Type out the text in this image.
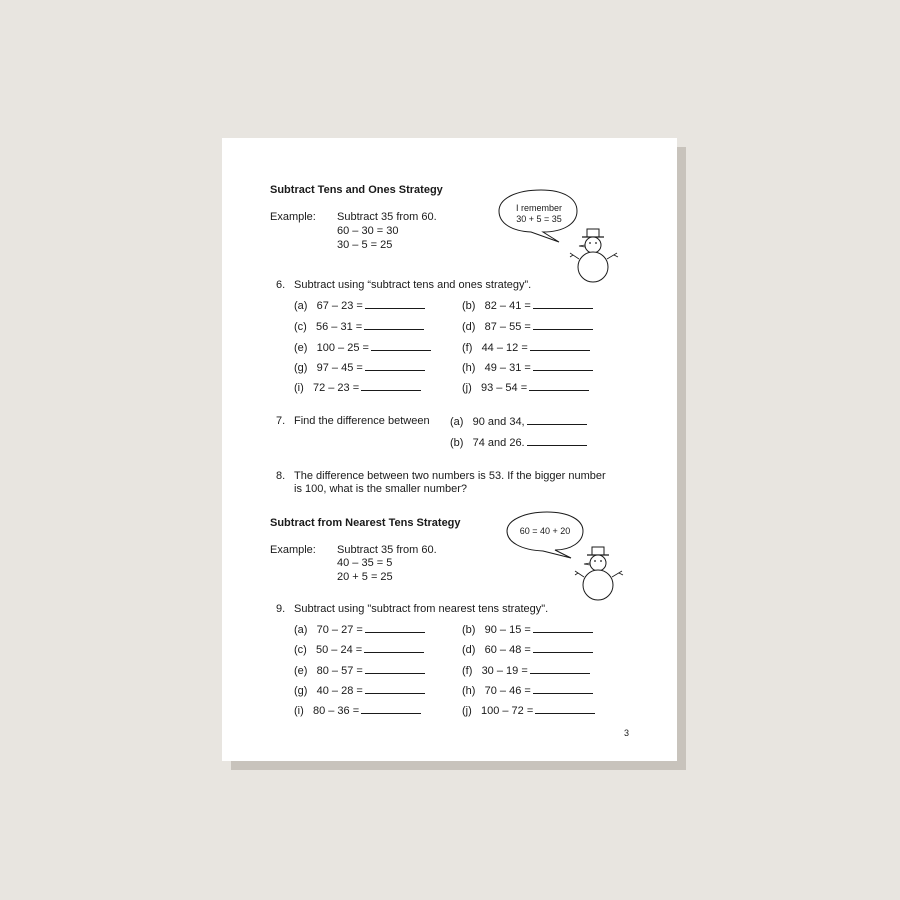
Subtract Tens and Ones Strategy
Example: Subtract 35 from 60.
60 – 30 = 30
30 – 5 = 25
I remember
30 + 5 = 35
6. Subtract using “subtract tens and ones strategy”.
(a) 67 – 23 =	(b) 82 – 41 =
(c) 56 – 31 =	(d) 87 – 55 =
(e) 100 – 25 =	(f) 44 – 12 =
(g) 97 – 45 =	(h) 49 – 31 =
(i) 72 – 23 =	(j) 93 – 54 =
7. Find the difference between (a) 90 and 34,
(b) 74 and 26.
8. The difference between two numbers is 53. If the bigger number
is 100, what is the smaller number?
Subtract from Nearest Tens Strategy
Example: Subtract 35 from 60.
40 – 35 = 5
20 + 5 = 25
60 = 40 + 20
9. Subtract using "subtract from nearest tens strategy".
(a) 70 – 27 =	(b) 90 – 15 =
(c) 50 – 24 =	(d) 60 – 48 =
(e) 80 – 57 =	(f) 30 – 19 =
(g) 40 – 28 =	(h) 70 – 46 =
(i) 80 – 36 =	(j) 100 – 72 =
3
